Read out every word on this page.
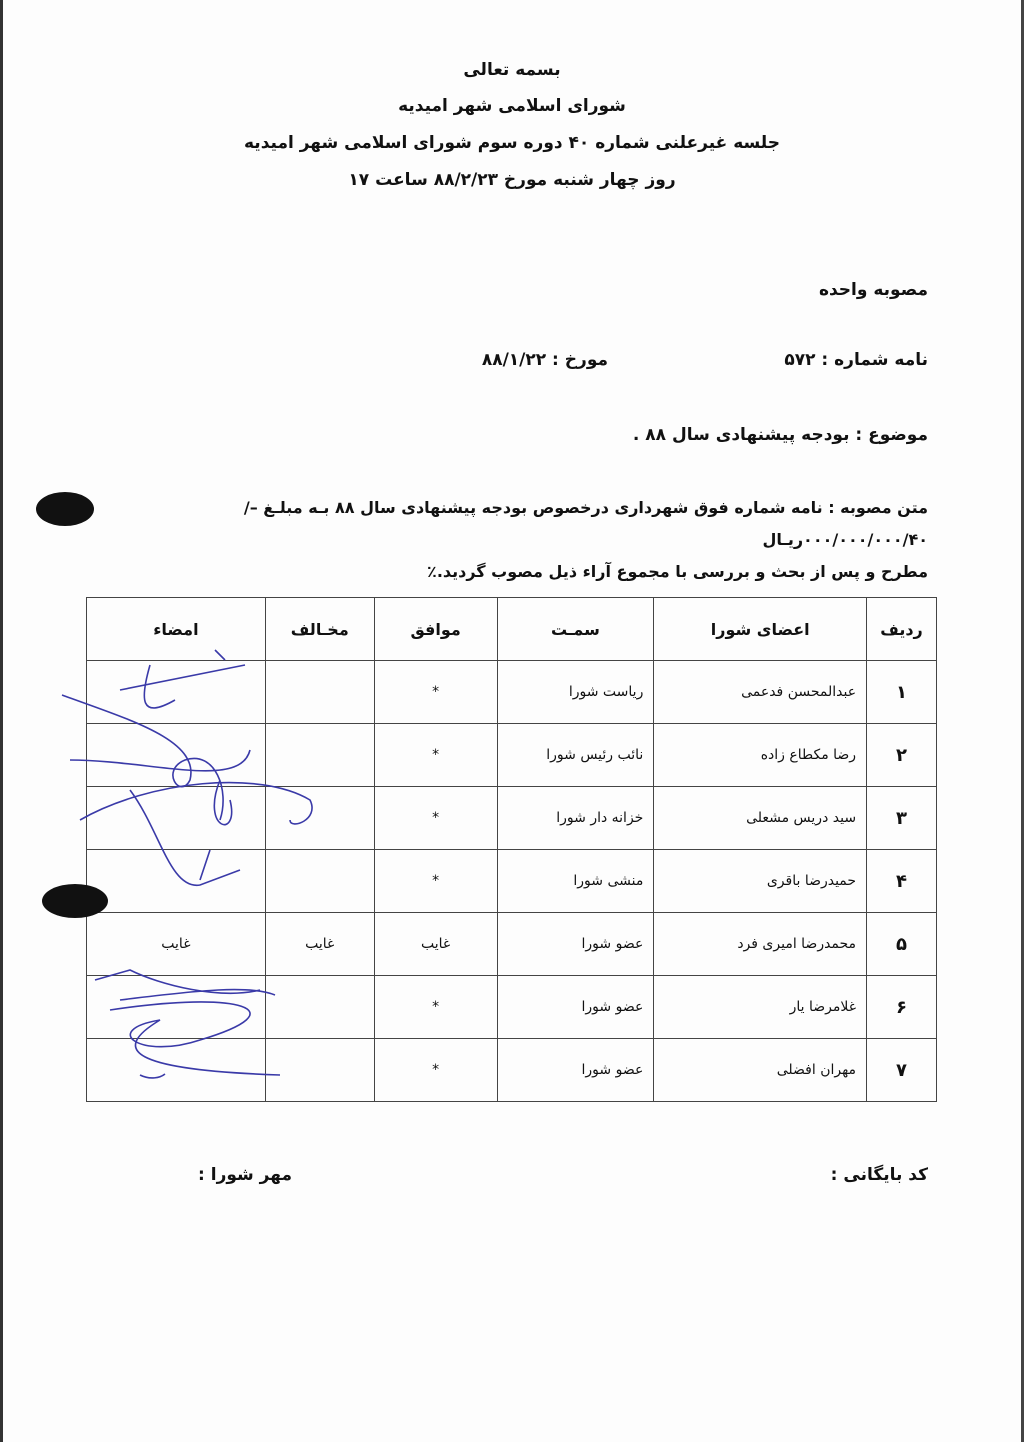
بسمه تعالی
شورای اسلامی شهر امیدیه
جلسه غیرعلنی شماره ۴۰ دوره سوم شورای اسلامی شهر امیدیه
روز چهار شنبه مورخ ۸۸/۲/۲۳ ساعت ۱۷
مصوبه واحده
نامه شماره : ۵۷۲
مورخ : ۸۸/۱/۲۲
موضوع : بودجه پیشنهادی سال ۸۸ .
متن مصوبه : نامه شماره فوق شهرداری درخصوص بودجه پیشنهادی سال ۸۸ بـه مبلـغ –/۰۰۰/۰۰۰/۰۰۰/۴۰ریـال
مطرح و پس از بحث و بررسی با مجموع آراء ذیل مصوب گردید.٪
ردیف	اعضای شورا	سمـت	موافق	مخـالف	امضاء
۱	عبدالمحسن فدعمی	ریاست شورا	*		
۲	رضا مکطاع زاده	نائب رئیس شورا	*		
۳	سید دریس مشعلی	خزانه دار شورا	*		
۴	حمیدرضا باقری	منشی شورا	*		
۵	محمدرضا امیری فرد	عضو شورا	غایب	غایب	غایب
۶	غلامرضا یار	عضو شورا	*		
۷	مهران افضلی	عضو شورا	*		
کد بایگانی :
مهر شورا :
